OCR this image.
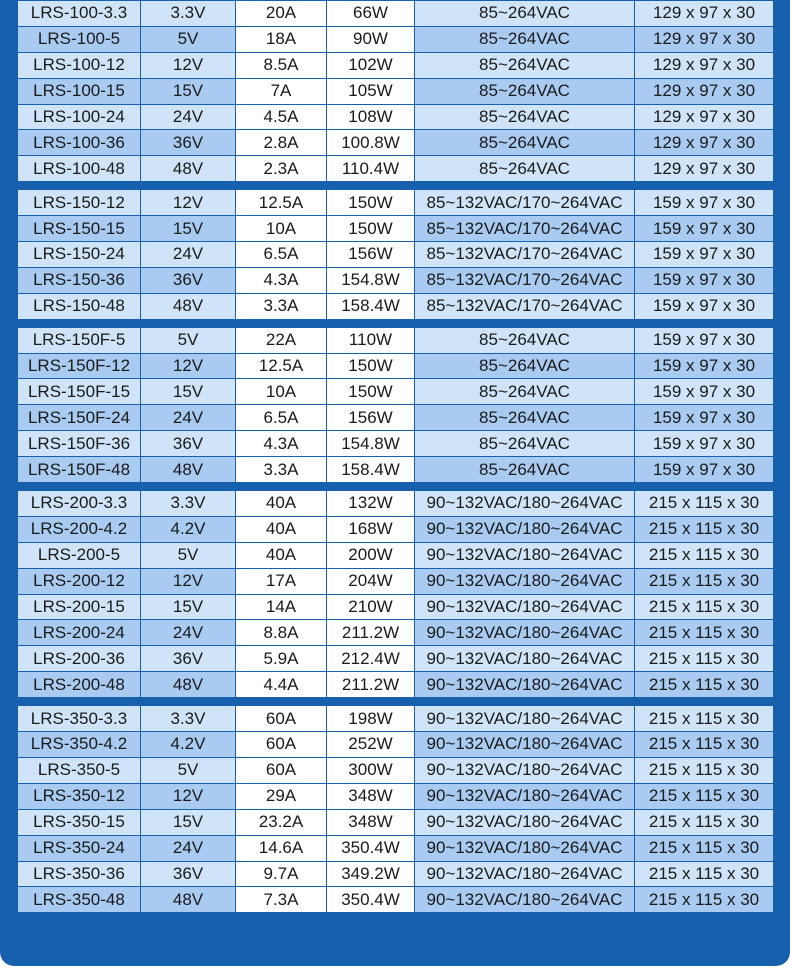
LRS-100-3.3	3.3V	20A	66W	85~264VAC	129 x 97 x 30
LRS-100-5	5V	18A	90W	85~264VAC	129 x 97 x 30
LRS-100-12	12V	8.5A	102W	85~264VAC	129 x 97 x 30
LRS-100-15	15V	7A	105W	85~264VAC	129 x 97 x 30
LRS-100-24	24V	4.5A	108W	85~264VAC	129 x 97 x 30
LRS-100-36	36V	2.8A	100.8W	85~264VAC	129 x 97 x 30
LRS-100-48	48V	2.3A	110.4W	85~264VAC	129 x 97 x 30
LRS-150-12	12V	12.5A	150W	85~132VAC/170~264VAC	159 x 97 x 30
LRS-150-15	15V	10A	150W	85~132VAC/170~264VAC	159 x 97 x 30
LRS-150-24	24V	6.5A	156W	85~132VAC/170~264VAC	159 x 97 x 30
LRS-150-36	36V	4.3A	154.8W	85~132VAC/170~264VAC	159 x 97 x 30
LRS-150-48	48V	3.3A	158.4W	85~132VAC/170~264VAC	159 x 97 x 30
LRS-150F-5	5V	22A	110W	85~264VAC	159 x 97 x 30
LRS-150F-12	12V	12.5A	150W	85~264VAC	159 x 97 x 30
LRS-150F-15	15V	10A	150W	85~264VAC	159 x 97 x 30
LRS-150F-24	24V	6.5A	156W	85~264VAC	159 x 97 x 30
LRS-150F-36	36V	4.3A	154.8W	85~264VAC	159 x 97 x 30
LRS-150F-48	48V	3.3A	158.4W	85~264VAC	159 x 97 x 30
LRS-200-3.3	3.3V	40A	132W	90~132VAC/180~264VAC	215 x 115 x 30
LRS-200-4.2	4.2V	40A	168W	90~132VAC/180~264VAC	215 x 115 x 30
LRS-200-5	5V	40A	200W	90~132VAC/180~264VAC	215 x 115 x 30
LRS-200-12	12V	17A	204W	90~132VAC/180~264VAC	215 x 115 x 30
LRS-200-15	15V	14A	210W	90~132VAC/180~264VAC	215 x 115 x 30
LRS-200-24	24V	8.8A	211.2W	90~132VAC/180~264VAC	215 x 115 x 30
LRS-200-36	36V	5.9A	212.4W	90~132VAC/180~264VAC	215 x 115 x 30
LRS-200-48	48V	4.4A	211.2W	90~132VAC/180~264VAC	215 x 115 x 30
LRS-350-3.3	3.3V	60A	198W	90~132VAC/180~264VAC	215 x 115 x 30
LRS-350-4.2	4.2V	60A	252W	90~132VAC/180~264VAC	215 x 115 x 30
LRS-350-5	5V	60A	300W	90~132VAC/180~264VAC	215 x 115 x 30
LRS-350-12	12V	29A	348W	90~132VAC/180~264VAC	215 x 115 x 30
LRS-350-15	15V	23.2A	348W	90~132VAC/180~264VAC	215 x 115 x 30
LRS-350-24	24V	14.6A	350.4W	90~132VAC/180~264VAC	215 x 115 x 30
LRS-350-36	36V	9.7A	349.2W	90~132VAC/180~264VAC	215 x 115 x 30
LRS-350-48	48V	7.3A	350.4W	90~132VAC/180~264VAC	215 x 115 x 30
